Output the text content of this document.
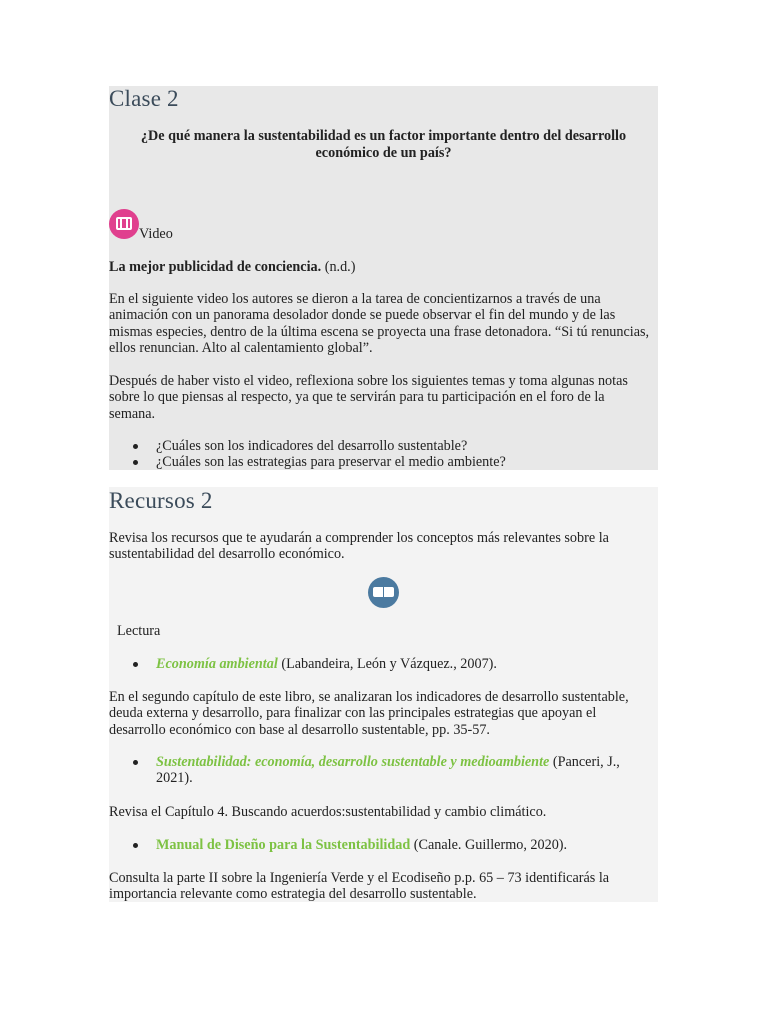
Clase 2

¿De qué manera la sustentabilidad es un factor importante dentro del desarrollo económico de un país?

Video

La mejor publicidad de conciencia. (n.d.)

En el siguiente video los autores se dieron a la tarea de concientizarnos a través de una animación con un panorama desolador donde se puede observar el fin del mundo y de las mismas especies, dentro de la última escena se proyecta una frase detonadora. “Si tú renuncias, ellos renuncian. Alto al calentamiento global”.

Después de haber visto el video, reflexiona sobre los siguientes temas y toma algunas notas sobre lo que piensas al respecto, ya que te servirán para tu participación en el foro de la semana.

¿Cuáles son los indicadores del desarrollo sustentable?
¿Cuáles son las estrategias para preservar el medio ambiente?
Recursos 2

Revisa los recursos que te ayudarán a comprender los conceptos más relevantes sobre la sustentabilidad del desarrollo económico.

Lectura
Economía ambiental (Labandeira, León y Vázquez., 2007).

En el segundo capítulo de este libro, se analizaran los indicadores de desarrollo sustentable, deuda externa y desarrollo, para finalizar con las principales estrategias que apoyan el desarrollo económico con base al desarrollo sustentable, pp. 35-57.

Sustentabilidad: economía, desarrollo sustentable y medioambiente (Panceri, J., 2021).

Revisa el Capítulo 4. Buscando acuerdos:sustentabilidad y cambio climático.

Manual de Diseño para la Sustentabilidad (Canale. Guillermo, 2020).

Consulta la parte II sobre la Ingeniería Verde y el Ecodiseño p.p. 65 – 73 identificarás la importancia relevante como estrategia del desarrollo sustentable.
